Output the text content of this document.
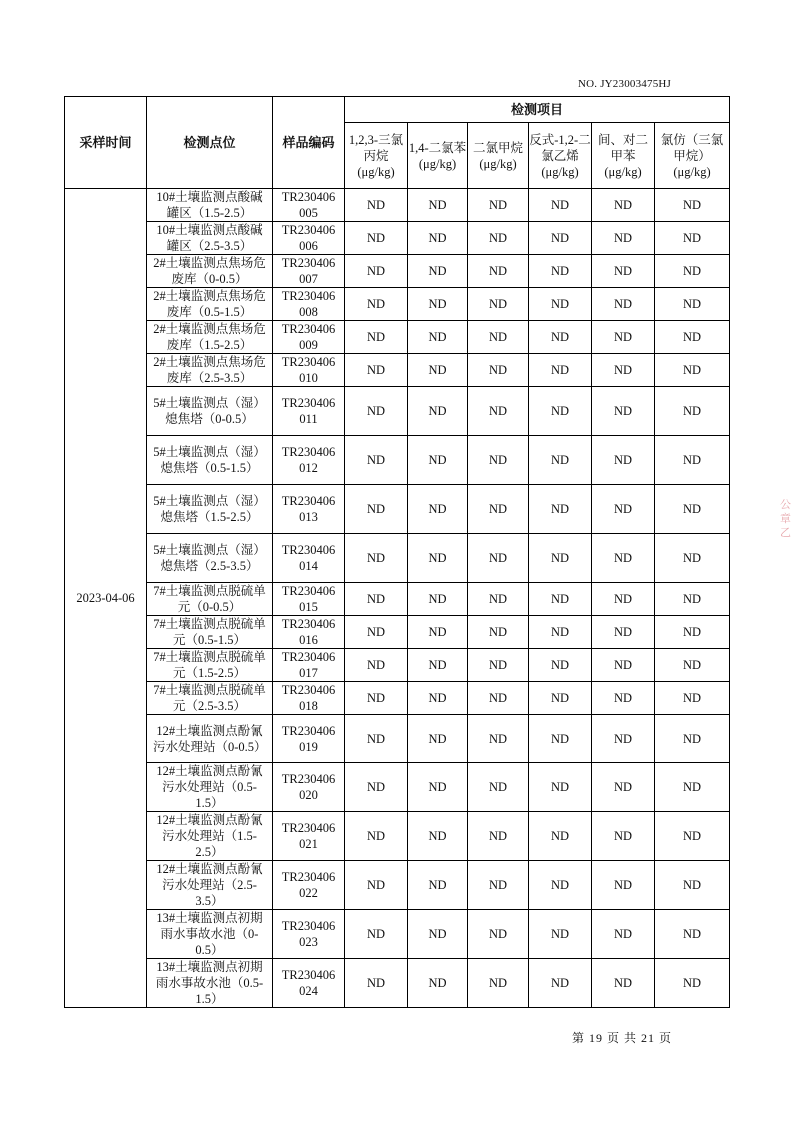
NO. JY23003475HJ
采样时间	检测点位	样品编码	检测项目					
			1,2,3-三氯丙烷(μg/kg)	1,4-二氯苯(μg/kg)	二氯甲烷(μg/kg)	反式-1,2-二氯乙烯(μg/kg)	间、对二甲苯(μg/kg)	氯仿（三氯甲烷）(μg/kg)
2023-04-06	10#土壤监测点酸碱罐区（1.5-2.5）	TR230406005	ND	ND	ND	ND	ND	ND
	10#土壤监测点酸碱罐区（2.5-3.5）	TR230406006	ND	ND	ND	ND	ND	ND
	2#土壤监测点焦场危废库（0-0.5）	TR230406007	ND	ND	ND	ND	ND	ND
	2#土壤监测点焦场危废库（0.5-1.5）	TR230406008	ND	ND	ND	ND	ND	ND
	2#土壤监测点焦场危废库（1.5-2.5）	TR230406009	ND	ND	ND	ND	ND	ND
	2#土壤监测点焦场危废库（2.5-3.5）	TR230406010	ND	ND	ND	ND	ND	ND
	5#土壤监测点（湿）熄焦塔（0-0.5）	TR230406011	ND	ND	ND	ND	ND	ND
	5#土壤监测点（湿）熄焦塔（0.5-1.5）	TR230406012	ND	ND	ND	ND	ND	ND
	5#土壤监测点（湿）熄焦塔（1.5-2.5）	TR230406013	ND	ND	ND	ND	ND	ND
	5#土壤监测点（湿）熄焦塔（2.5-3.5）	TR230406014	ND	ND	ND	ND	ND	ND
	7#土壤监测点脱硫单元（0-0.5）	TR230406015	ND	ND	ND	ND	ND	ND
	7#土壤监测点脱硫单元（0.5-1.5）	TR230406016	ND	ND	ND	ND	ND	ND
	7#土壤监测点脱硫单元（1.5-2.5）	TR230406017	ND	ND	ND	ND	ND	ND
	7#土壤监测点脱硫单元（2.5-3.5）	TR230406018	ND	ND	ND	ND	ND	ND
	12#土壤监测点酚氰污水处理站（0-0.5）	TR230406019	ND	ND	ND	ND	ND	ND
	12#土壤监测点酚氰污水处理站（0.5-1.5）	TR230406020	ND	ND	ND	ND	ND	ND
	12#土壤监测点酚氰污水处理站（1.5-2.5）	TR230406021	ND	ND	ND	ND	ND	ND
	12#土壤监测点酚氰污水处理站（2.5-3.5）	TR230406022	ND	ND	ND	ND	ND	ND
	13#土壤监测点初期雨水事故水池（0-0.5）	TR230406023	ND	ND	ND	ND	ND	ND
	13#土壤监测点初期雨水事故水池（0.5-1.5）	TR230406024	ND	ND	ND	ND	ND	ND
公
章
乙
第 19 页 共 21 页
